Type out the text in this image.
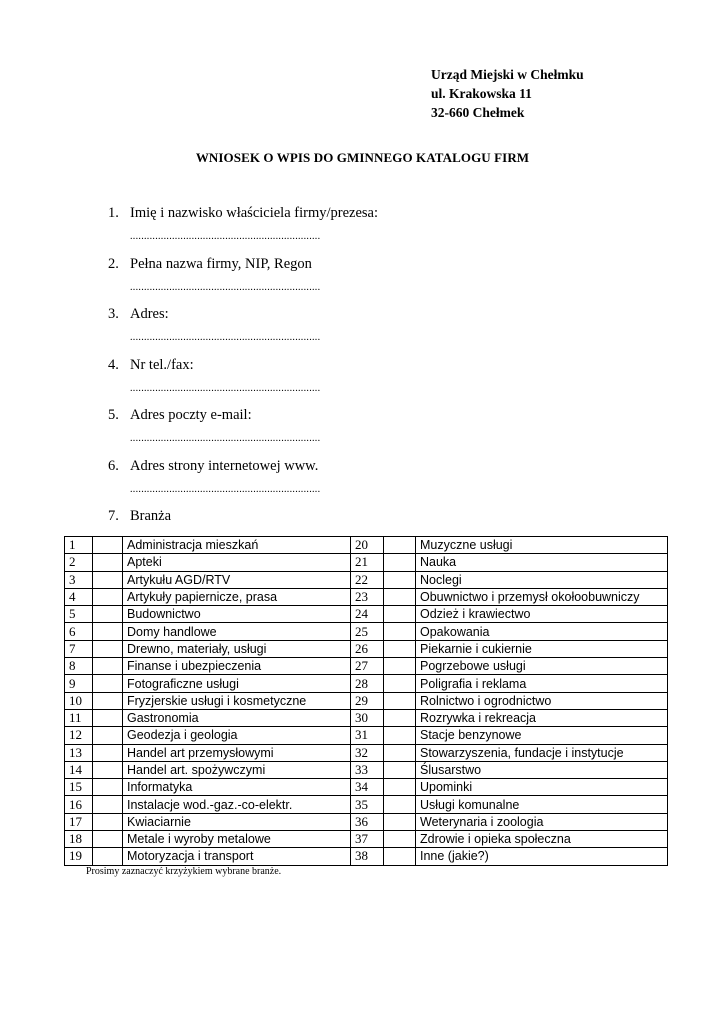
Urząd Miejski w Chełmku
ul. Krakowska 11
32-660 Chełmek
WNIOSEK O WPIS DO GMINNEGO KATALOGU FIRM
1. Imię i nazwisko właściciela firmy/prezesa:
....................................................................
2. Pełna nazwa firmy, NIP, Regon
....................................................................
3. Adres:
....................................................................
4. Nr tel./fax:
....................................................................
5. Adres poczty e-mail:
....................................................................
6. Adres strony internetowej www.
....................................................................
7. Branża
1		Administracja mieszkań	20		Muzyczne usługi
2		Apteki	21		Nauka
3		Artykułu AGD/RTV	22		Noclegi
4		Artykuły papiernicze, prasa	23		Obuwnictwo i przemysł okołoobuwniczy
5		Budownictwo	24		Odzież i krawiectwo
6		Domy handlowe	25		Opakowania
7		Drewno, materiały, usługi	26		Piekarnie i cukiernie
8		Finanse i ubezpieczenia	27		Pogrzebowe usługi
9		Fotograficzne usługi	28		Poligrafia i reklama
10		Fryzjerskie usługi i kosmetyczne	29		Rolnictwo i ogrodnictwo
11		Gastronomia	30		Rozrywka i rekreacja
12		Geodezja i geologia	31		Stacje benzynowe
13		Handel art przemysłowymi	32		Stowarzyszenia, fundacje i instytucje
14		Handel art. spożywczymi	33		Ślusarstwo
15		Informatyka	34		Upominki
16		Instalacje wod.-gaz.-co-elektr.	35		Usługi komunalne
17		Kwiaciarnie	36		Weterynaria i zoologia
18		Metale i wyroby metalowe	37		Zdrowie i opieka społeczna
19		Motoryzacja i transport	38		Inne (jakie?)
Prosimy zaznaczyć krzyżykiem wybrane branże.
